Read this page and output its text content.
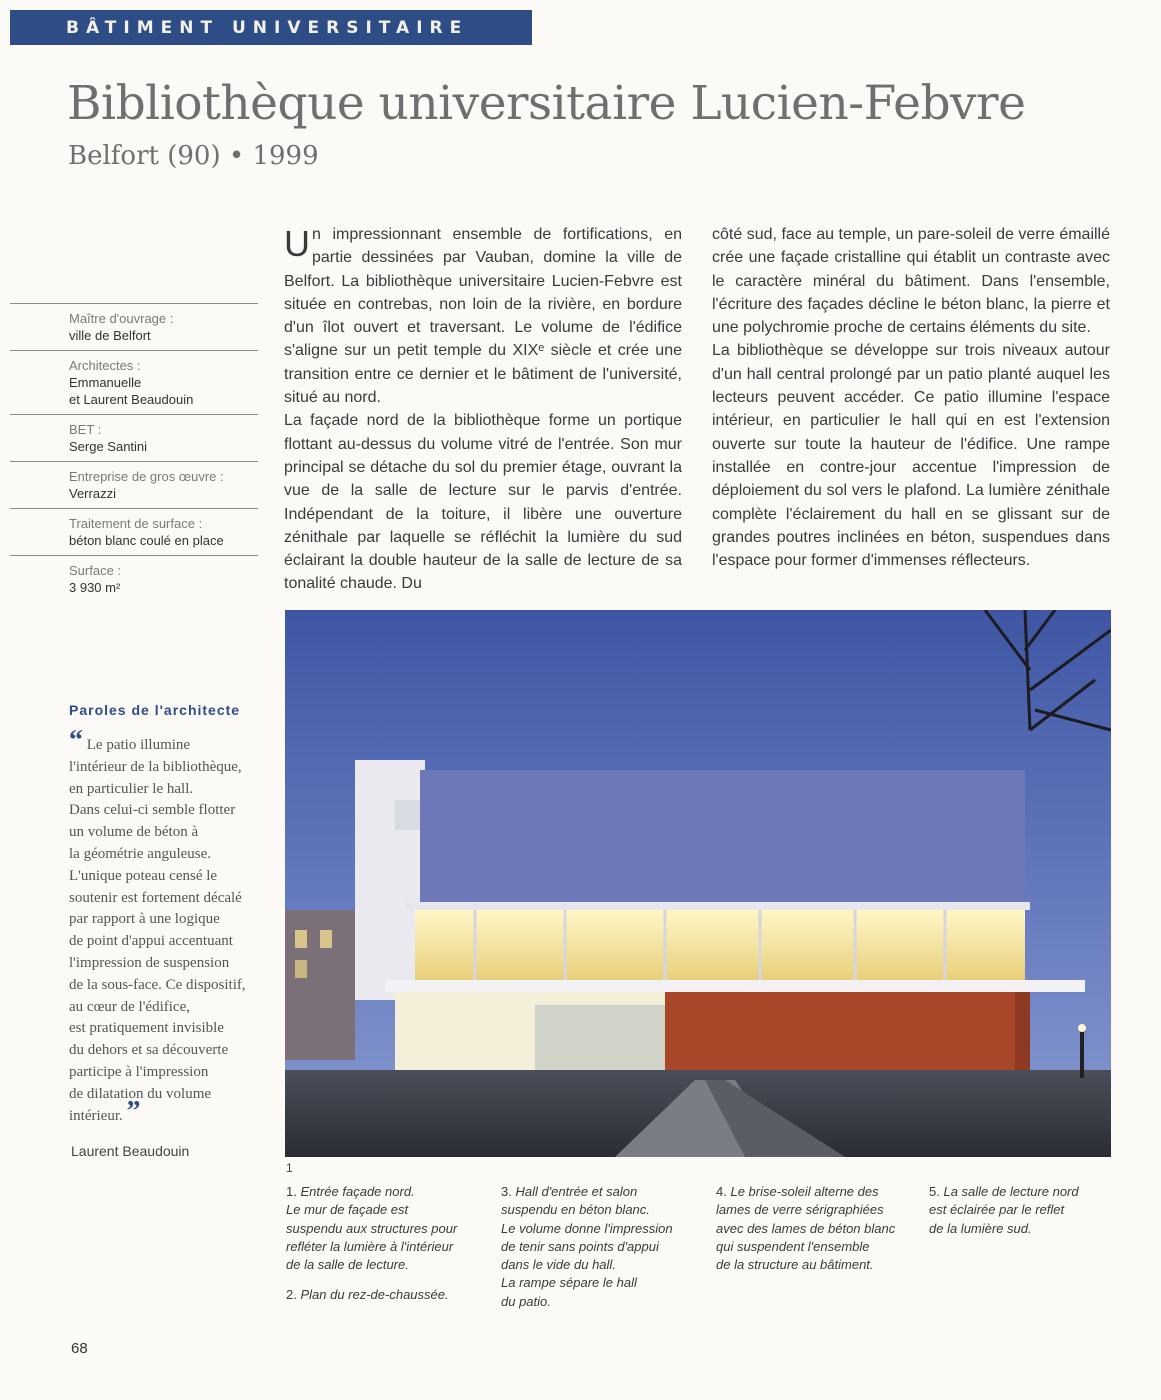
BÂTIMENT UNIVERSITAIRE
Bibliothèque universitaire Lucien-Febvre
Belfort (90) • 1999
Maître d'ouvrage :
ville de Belfort
Architectes :
Emmanuelle
et Laurent Beaudouin
BET :
Serge Santini
Entreprise de gros œuvre :
Verrazzi
Traitement de surface :
béton blanc coulé en place
Surface :
3 930 m²

Un impressionnant ensemble de fortifications, en partie dessinées par Vauban, domine la ville de Belfort. La bibliothèque universitaire Lucien-Febvre est située en contrebas, non loin de la rivière, en bordure d'un îlot ouvert et traversant. Le volume de l'édifice s'aligne sur un petit temple du XIXᵉ siècle et crée une transition entre ce dernier et le bâtiment de l'université, situé au nord.

La façade nord de la bibliothèque forme un portique flottant au-dessus du volume vitré de l'entrée. Son mur principal se détache du sol du premier étage, ouvrant la vue de la salle de lecture sur le parvis d'entrée. Indépendant de la toiture, il libère une ouverture zénithale par laquelle se réfléchit la lumière du sud éclairant la double hauteur de la salle de lecture de sa tonalité chaude. Du

côté sud, face au temple, un pare-soleil de verre émaillé crée une façade cristalline qui établit un contraste avec le caractère minéral du bâtiment. Dans l'ensemble, l'écriture des façades décline le béton blanc, la pierre et une polychromie proche de certains éléments du site.

La bibliothèque se développe sur trois niveaux autour d'un hall central prolongé par un patio planté auquel les lecteurs peuvent accéder. Ce patio illumine l'espace intérieur, en particulier le hall qui en est l'extension ouverte sur toute la hauteur de l'édifice. Une rampe installée en contre-jour accentue l'impression de déploiement du sol vers le plafond. La lumière zénithale complète l'éclairement du hall en se glissant sur de grandes poutres inclinées en béton, suspendues dans l'espace pour former d'immenses réflecteurs.

Paroles de l'architecte
“ Le patio illumine
l'intérieur de la bibliothèque,
en particulier le hall.
Dans celui-ci semble flotter
un volume de béton à
la géométrie anguleuse.
L'unique poteau censé le
soutenir est fortement décalé
par rapport à une logique
de point d'appui accentuant
l'impression de suspension
de la sous-face. Ce dispositif,
au cœur de l'édifice,
est pratiquement invisible
du dehors et sa découverte
participe à l'impression
de dilatation du volume
intérieur. ”
Laurent Beaudouin
1
1. Entrée façade nord.
Le mur de façade est
suspendu aux structures pour
refléter la lumière à l'intérieur
de la salle de lecture.
2. Plan du rez-de-chaussée.
3. Hall d'entrée et salon
suspendu en béton blanc.
Le volume donne l'impression
de tenir sans points d'appui
dans le vide du hall.
La rampe sépare le hall
du patio.
4. Le brise-soleil alterne des
lames de verre sérigraphiées
avec des lames de béton blanc
qui suspendent l'ensemble
de la structure au bâtiment.
5. La salle de lecture nord
est éclairée par le reflet
de la lumière sud.
68
